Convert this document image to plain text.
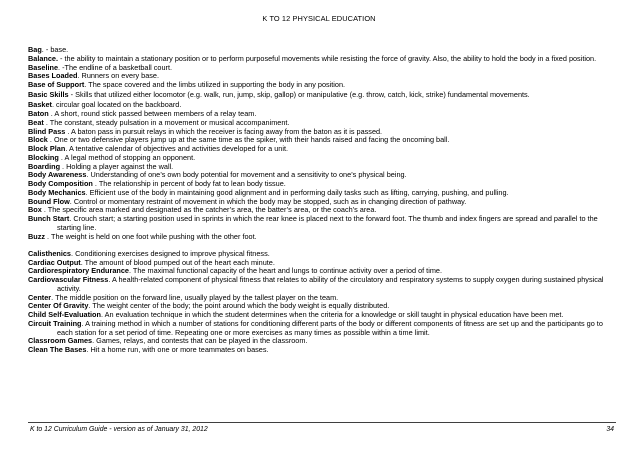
K TO 12 PHYSICAL EDUCATION

Bag. - base.

Balance. - the ability to maintain a stationary position or to perform purposeful movements while resisting the force of gravity. Also, the ability to hold the body in a fixed position.

Baseline. -The endline of a basketball court.

Bases Loaded. Runners on every base.

Base of Support. The space covered and the limbs utilized in supporting the body in any position.

Basic Skills - Skills that utilized either locomotor (e.g. walk, run, jump, skip, gallop) or manipulative (e.g. throw, catch, kick, strike) fundamental movements.

Basket. circular goal located on the backboard.

Baton . A short, round stick passed between members of a relay team.

Beat . The constant, steady pulsation in a movement or musical accompaniment.

Blind Pass . A baton pass in pursuit relays in which the receiver is facing away from the baton as it is passed.

Block . One or two defensive players jump up at the same time as the spiker, with their hands raised and facing the oncoming ball.

Block Plan. A tentative calendar of objectives and activities developed for a unit.

Blocking . A legal method of stopping an opponent.

Boarding . Holding a player against the wall.

Body Awareness. Understanding of one’s own body potential for movement and a sensitivity to one’s physical being.

Body Composition . The relationship in percent of body fat to lean body tissue.

Body Mechanics. Efficient use of the body in maintaining good alignment and in performing daily tasks such as lifting, carrying, pushing, and pulling.

Bound Flow. Control or momentary restraint of movement in which the body may be stopped, such as in changing direction of pathway.

Box . The specific area marked and designated as the catcher’s area, the batter’s area, or the coach’s area.

Bunch Start. Crouch start; a starting position used in sprints in which the rear knee is placed next to the forward foot. The thumb and index fingers are spread and parallel to the starting line.

Buzz . The weight is held on one foot while pushing with the other foot.

Calisthenics. Conditioning exercises designed to improve physical fitness.

Cardiac Output. The amount of blood pumped out of the heart each minute.

Cardiorespiratory Endurance. The maximal functional capacity of the heart and lungs to continue activity over a period of time.

Cardiovascular Fitness. A health-related component of physical fitness that relates to ability of the circulatory and respiratory systems to supply oxygen during sustained physical activity.

Center. The middle position on the forward line, usually played by the tallest player on the team.

Center Of Gravity. The weight center of the body; the point around which the body weight is equally distributed.

Child Self-Evaluation. An evaluation technique in which the student determines when the criteria for a knowledge or skill taught in physical education have been met.

Circuit Training. A training method in which a number of stations for conditioning different parts of the body or different components of fitness are set up and the participants go to each station for a set period of time. Repeating one or more exercises as many times as possible within a time limit.

Classroom Games. Games, relays, and contests that can be played in the classroom.

Clean The Bases. Hit a home run, with one or more teammates on bases.

K to 12 Curriculum Guide - version as of January 31, 2012	34
